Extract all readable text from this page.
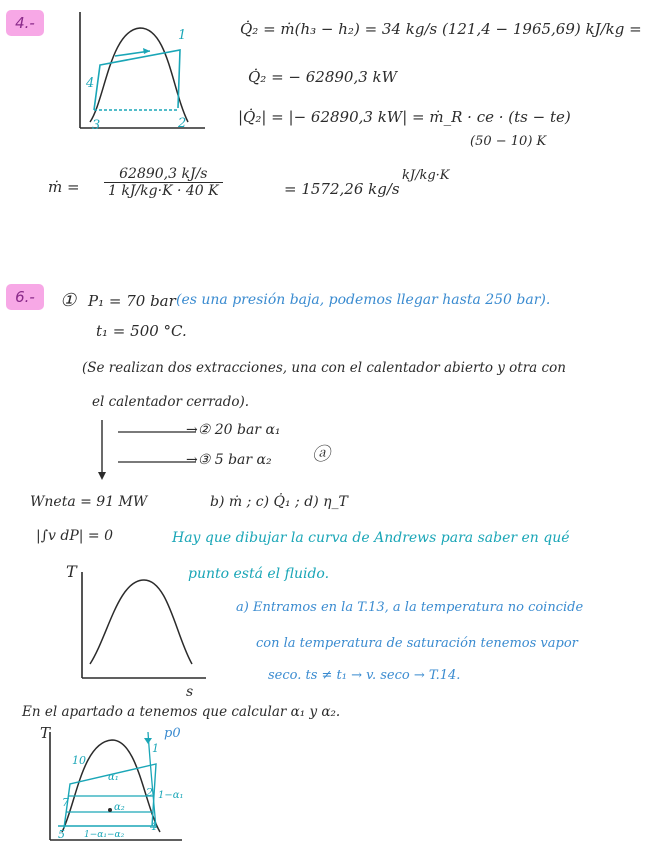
4.-
1
2
3
4
Q̇₂ = ṁ(h₃ − h₂) = 34 kg/s (121,4 − 1965,69) kJ/kg =
Q̇₂ = − 62890,3 kW
|Q̇₂| = |− 62890,3 kW| = ṁ_R · ce · (ts − te)
(50 − 10) K
kJ/kg·K
ṁ = $\frac{62890,3 kJ/s}{1 kJ/kg\cdot K \cdot 40 K}$	= 1572,26 kg/s
6.-	① P₁ = 70 bar (es una presión baja, podemos llegar hasta 250 bar).
t₁ = 500 °C.
(Se realizan dos extracciones, una con el calentador abierto y otra con
el calentador cerrado).
→② 20 bar α₁
→③ 5 bar α₂ ⓐ
Wneta = 91 MW	b) ṁ ; c) Q̇₁ ; d) η_T
|∫v dP| = 0	Hay que dibujar la curva de Andrews para saber en qué
punto está el fluido.
T
s
a) Entramos en la T.13, a la temperatura no coincide
con la temperatura de saturación tenemos vapor
seco. ts ≠ t₁ → v. seco → T.14.
En el apartado a tenemos que calcular α₁ y α₂.
T	p0
1
2
4
5
7
10
1−α₁
α₁
α₂
1−α₁−α₂
